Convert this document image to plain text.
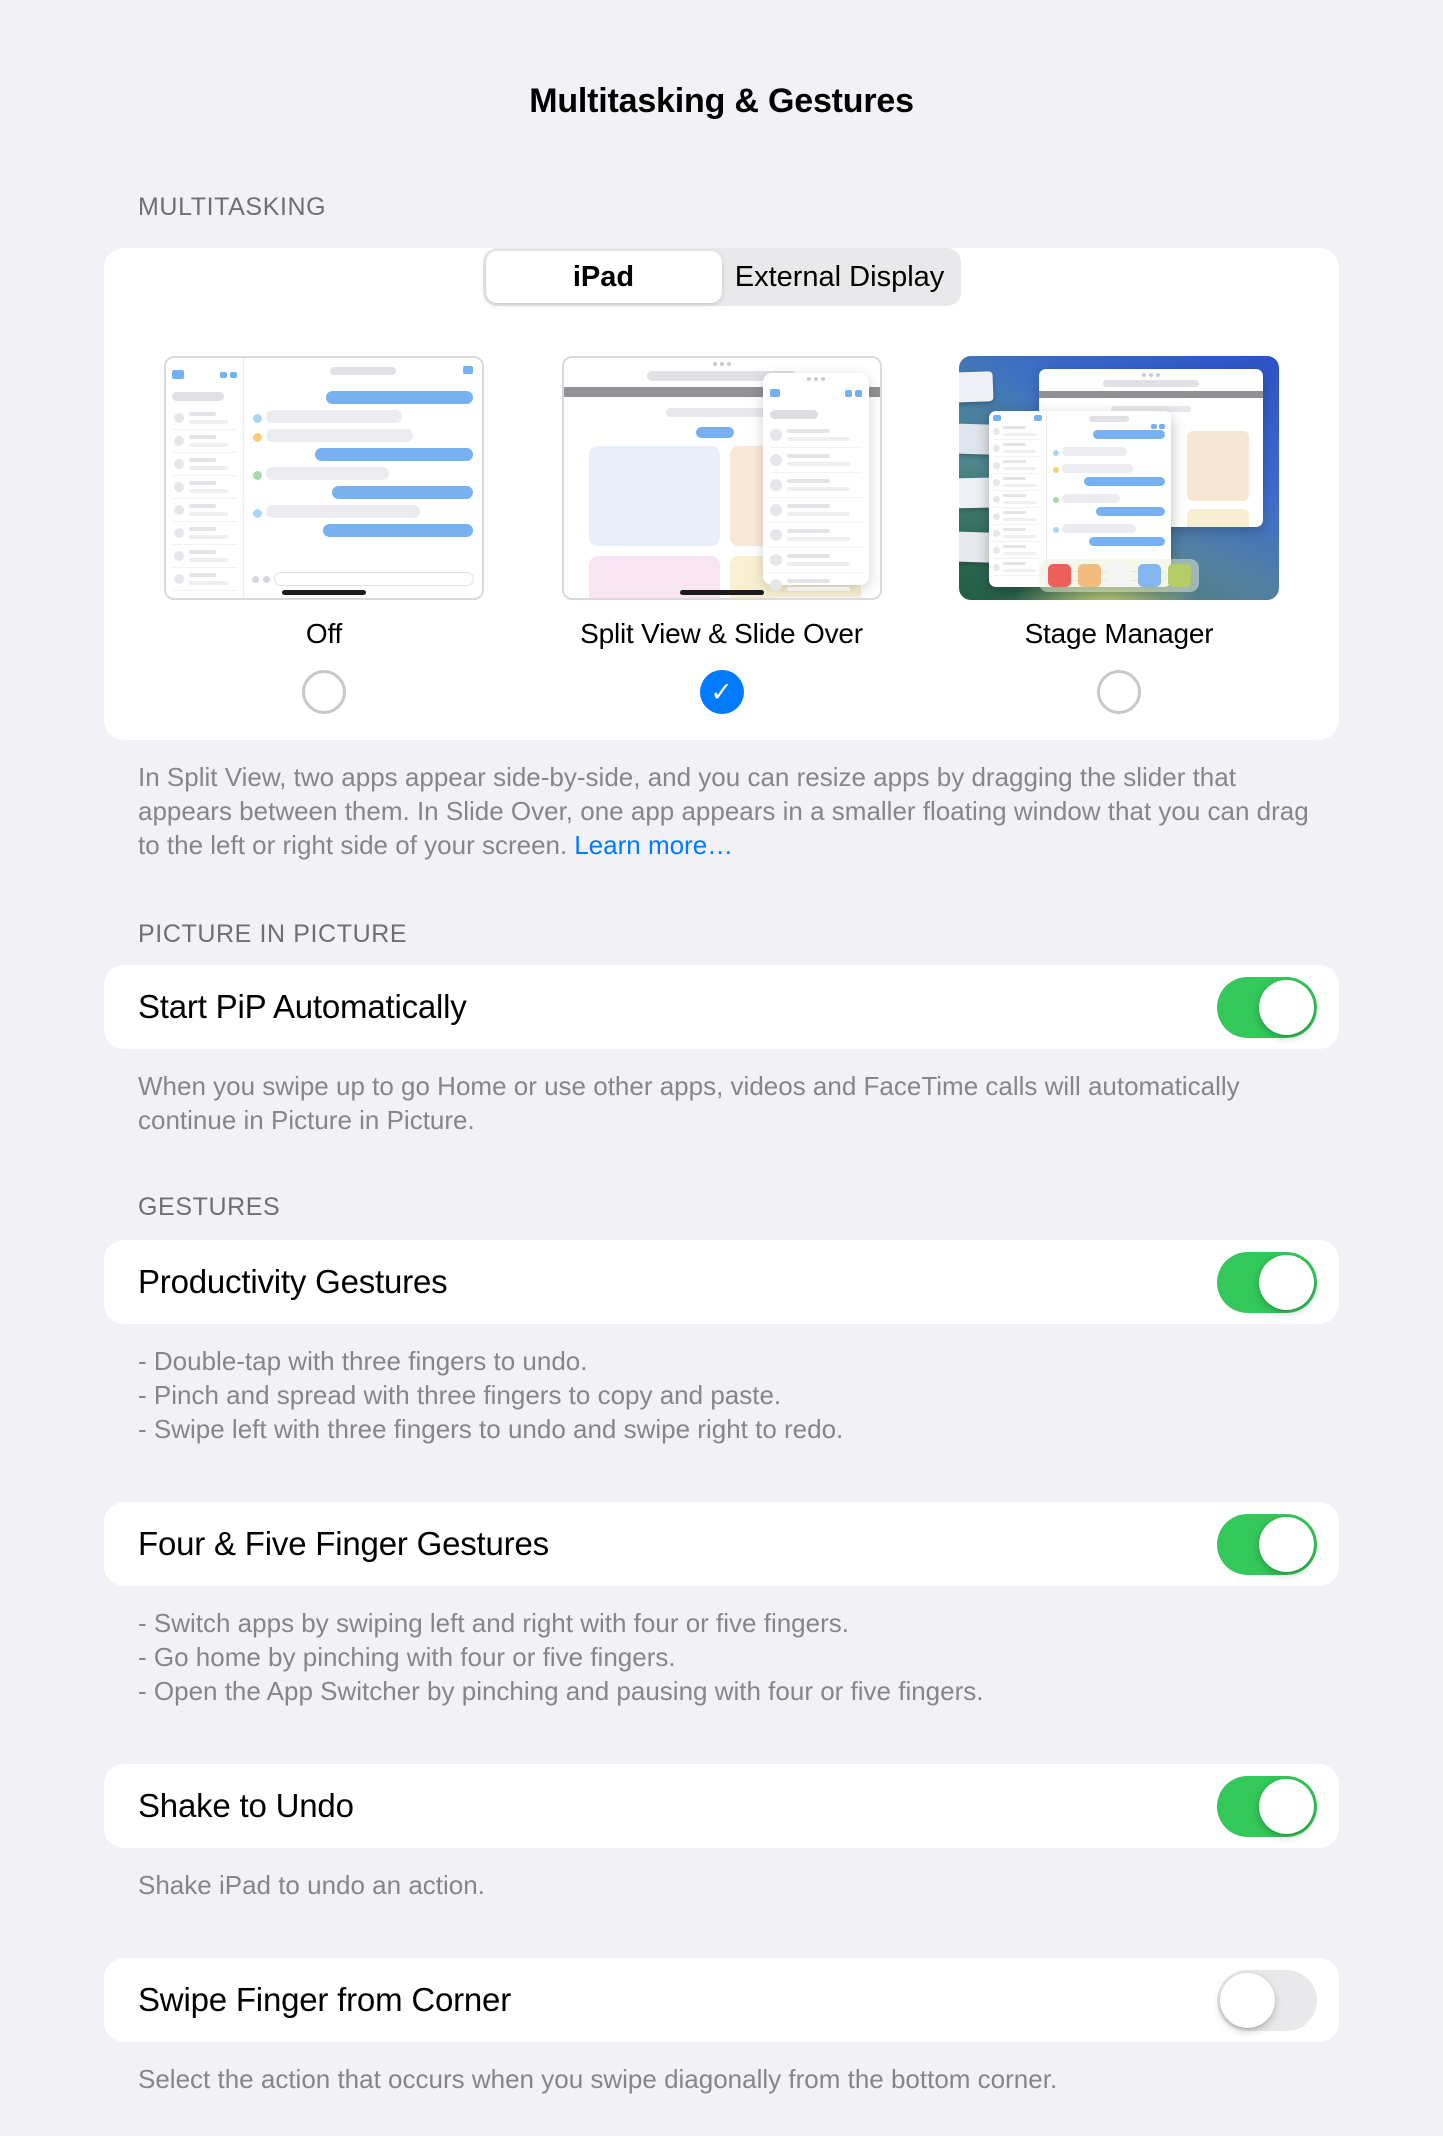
Multitasking & Gestures
MULTITASKING
iPad	External Display
Off	Split View & Slide Over
✓
Stage Manager
In Split View, two apps appear side-by-side, and you can resize apps by dragging the slider that appears between them. In Slide Over, one app appears in a smaller floating window that you can drag to the left or right side of your screen. Learn more…
PICTURE IN PICTURE
Start PiP Automatically
When you swipe up to go Home or use other apps, videos and FaceTime calls will automatically continue in Picture in Picture.
GESTURES
Productivity Gestures
- Double-tap with three fingers to undo.
- Pinch and spread with three fingers to copy and paste.
- Swipe left with three fingers to undo and swipe right to redo.
Four & Five Finger Gestures
- Switch apps by swiping left and right with four or five fingers.
- Go home by pinching with four or five fingers.
- Open the App Switcher by pinching and pausing with four or five fingers.
Shake to Undo
Shake iPad to undo an action.
Swipe Finger from Corner
Select the action that occurs when you swipe diagonally from the bottom corner.
